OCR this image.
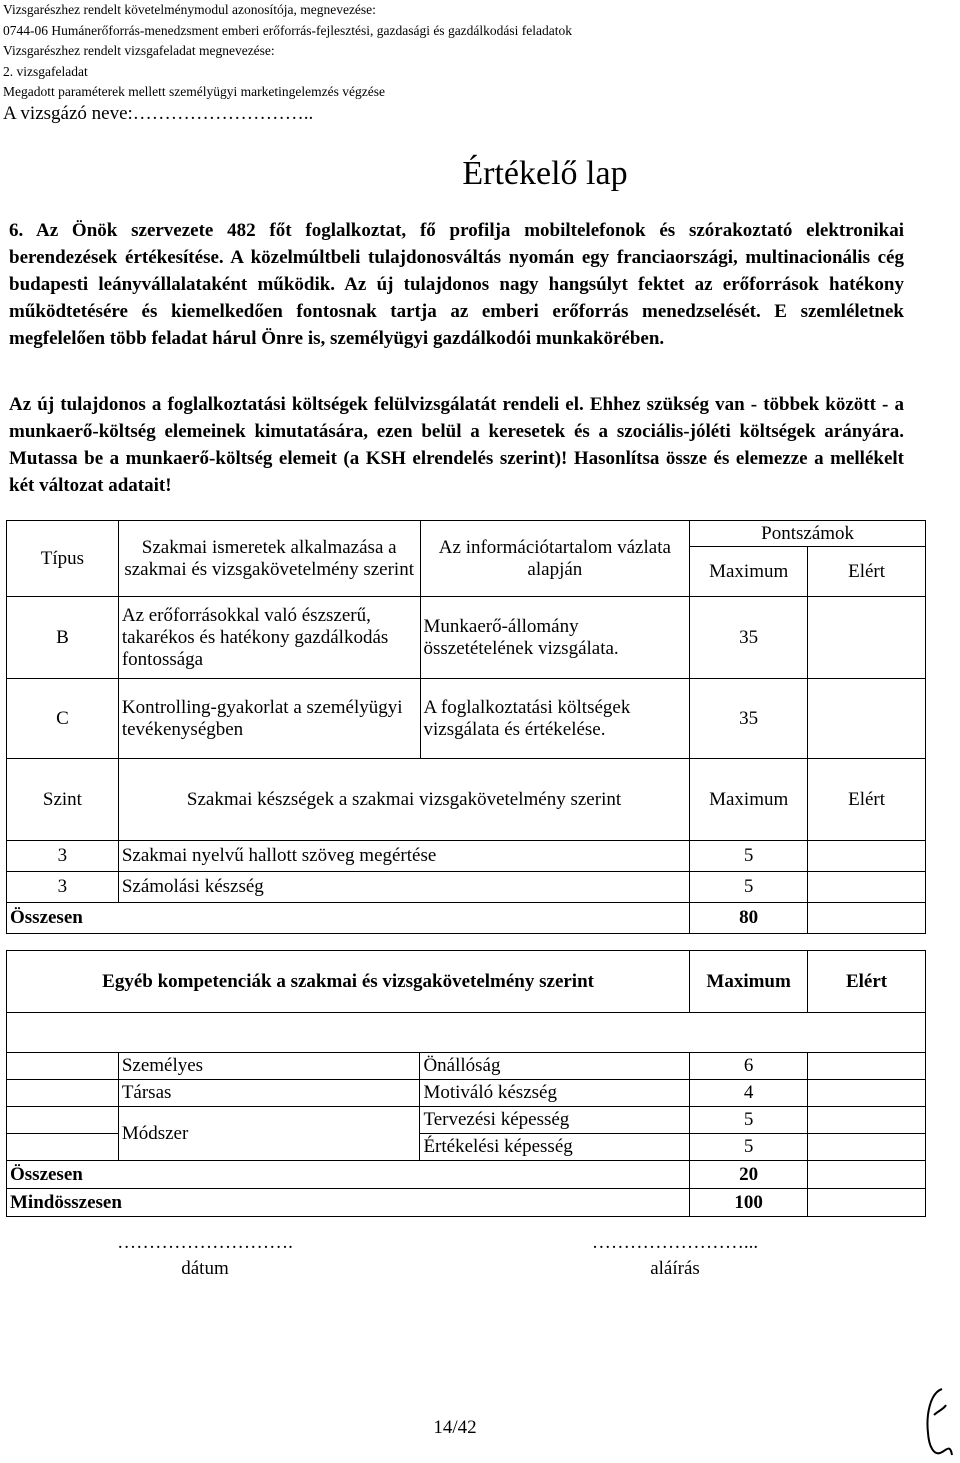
Vizsgarészhez rendelt követelménymodul azonosítója, megnevezése:
0744-06 Humánerőforrás-menedzsment emberi erőforrás-fejlesztési, gazdasági és gazdálkodási feladatok
Vizsgarészhez rendelt vizsgafeladat megnevezése:
2. vizsgafeladat
Megadott paraméterek mellett személyügyi marketingelemzés végzése
A vizsgázó neve:………………………..
Értékelő lap

6. Az Önök szervezete 482 főt foglalkoztat, fő profilja mobiltelefonok és szórakoztató elektronikai berendezések értékesítése. A közelmúltbeli tulajdonosváltás nyomán egy franciaországi, multinacionális cég budapesti leányvállalataként működik. Az új tulajdonos nagy hangsúlyt fektet az erőforrások hatékony működtetésére és kiemelkedően fontosnak tartja az emberi erőforrás menedzselését. E szemléletnek megfelelően több feladat hárul Önre is, személyügyi gazdálkodói munkakörében.

Az új tulajdonos a foglalkoztatási költségek felülvizsgálatát rendeli el. Ehhez szükség van - többek között - a munkaerő-költség elemeinek kimutatására, ezen belül a keresetek és a szociális-jóléti költségek arányára. Mutassa be a munkaerő-költség elemeit (a KSH elrendelés szerint)! Hasonlítsa össze és elemezze a mellékelt két változat adatait!

Típus	Szakmai ismeretek alkalmazása a szakmai és vizsgakövetelmény szerint	Az információtartalom vázlata alapján	Pontszámok	
			Maximum	Elért
B	Az erőforrásokkal való észszerű, takarékos és hatékony gazdálkodás fontossága	Munkaerő-állomány összetételének vizsgálata.	35	
C	Kontrolling-gyakorlat a személyügyi tevékenységben	A foglalkoztatási költségek vizsgálata és értékelése.	35	
Szint	Szakmai készségek a szakmai vizsgakövetelmény szerint		Maximum	Elért
3	Szakmai nyelvű hallott szöveg megértése		5	
3	Számolási készség		5	
Összesen			80	
Egyéb kompetenciák a szakmai és vizsgakövetelmény szerint			Maximum	Elért

	Személyes	Önállóság	6	
	Társas	Motiváló készség	4	
	Módszer	Tervezési képesség	5	
		Értékelési képesség	5	
Összesen			20	
Mindösszesen			100	
……………………….
dátum
……………………...
aláírás
14/42
